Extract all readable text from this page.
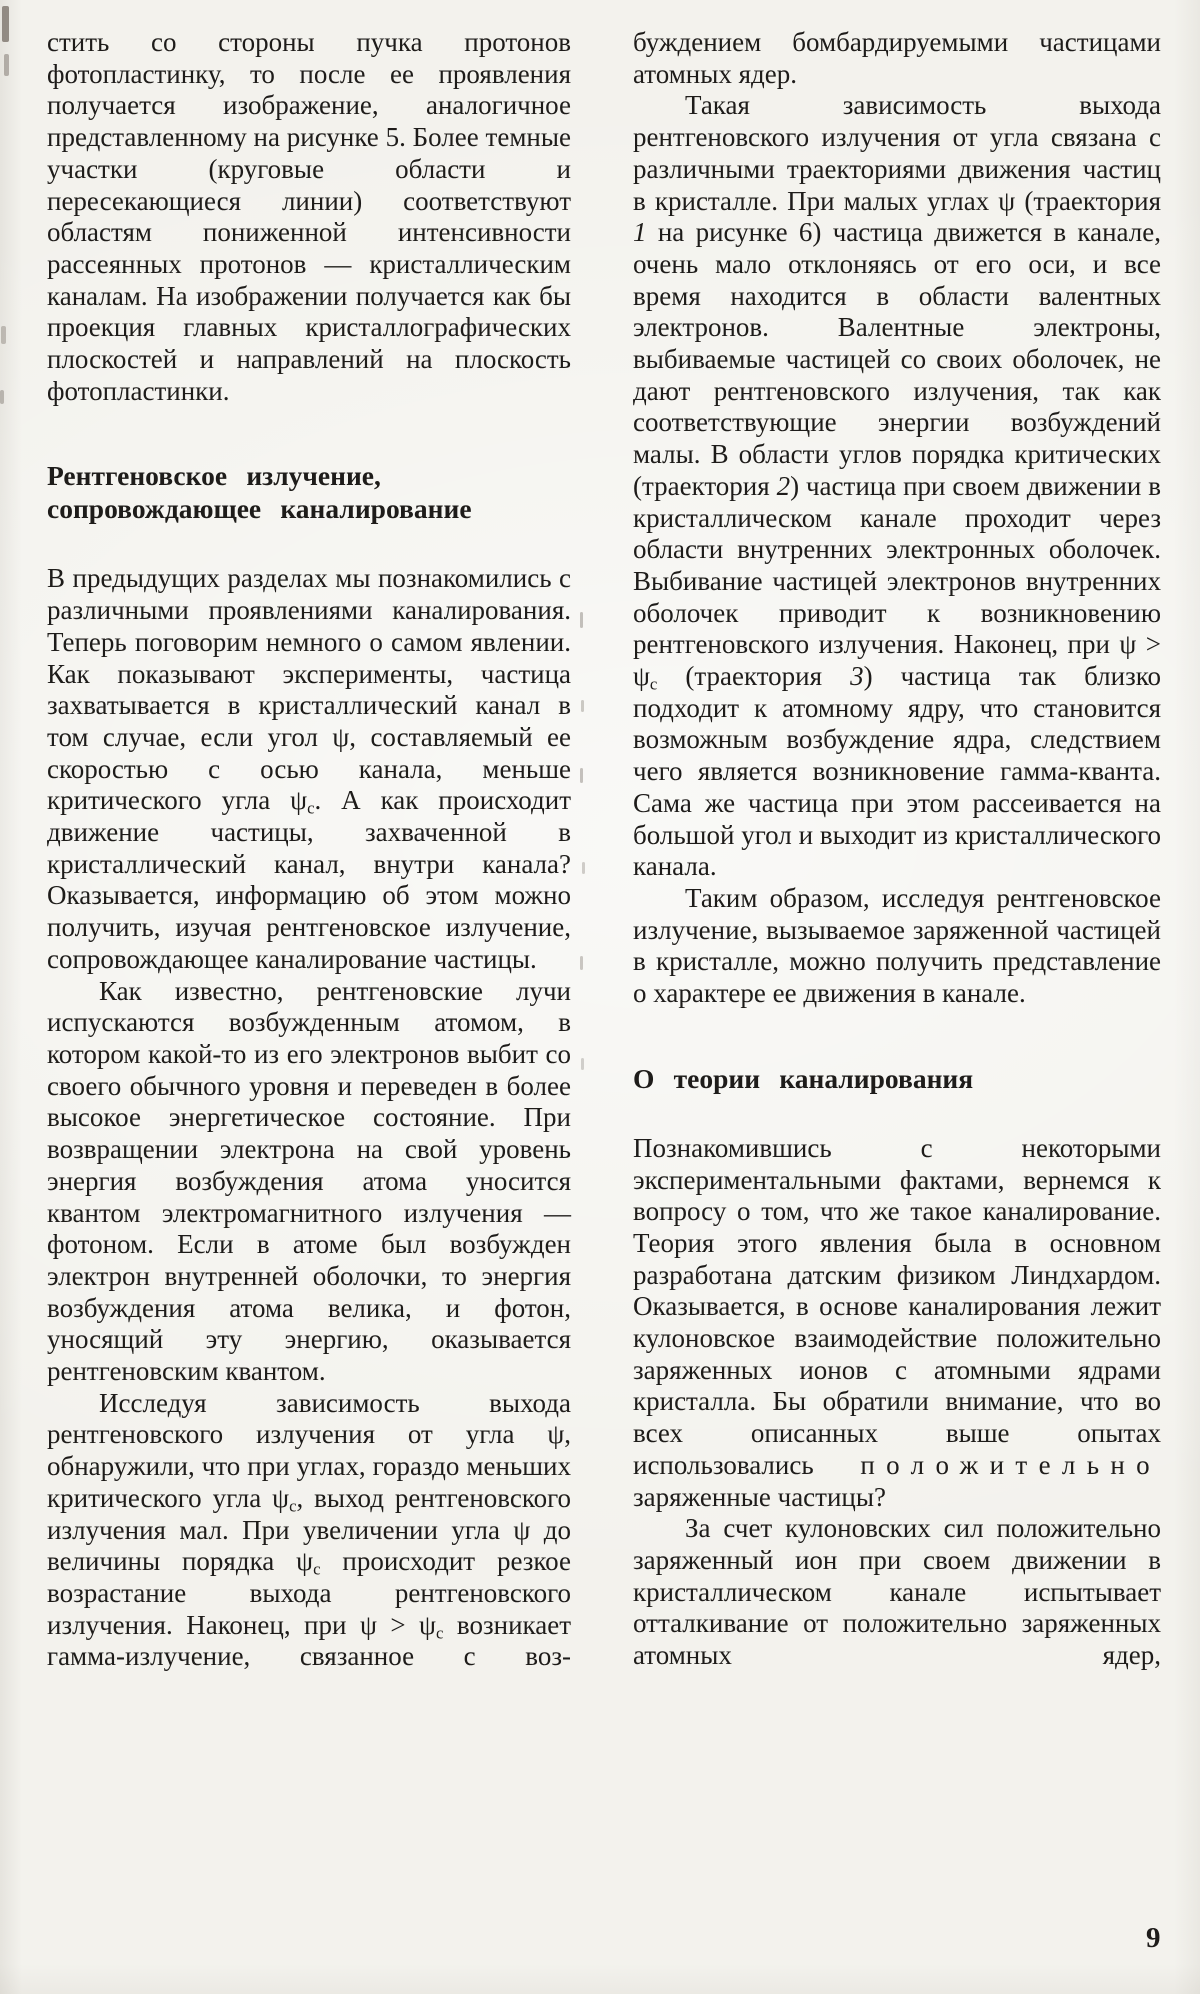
стить со стороны пучка протонов фотопластинку, то после ее проявления получается изображение, аналогичное представленному на рисунке 5. Более темные участки (круговые области и пересекающиеся линии) соответствуют областям пониженной интенсивности рассеянных протонов — кристаллическим каналам. На изображении получается как бы проекция главных кристаллографических плоскостей и направлений на плоскость фотопластинки.

Рентгеновское излучение,
сопровождающее каналирование

В предыдущих разделах мы познакомились с различными проявлениями каналирования. Теперь поговорим немного о самом явлении. Как показывают эксперименты, частица захватывается в кристаллический канал в том случае, если угол ψ, составляемый ее скоростью с осью канала, меньше критического угла $\psi_c$. А как происходит движение частицы, захваченной в кристаллический канал, внутри канала? Оказывается, информацию об этом можно получить, изучая рентгеновское излучение, сопровождающее каналирование частицы.

Как известно, рентгеновские лучи испускаются возбужденным атомом, в котором какой-то из его электронов выбит со своего обычного уровня и переведен в более высокое энергетическое состояние. При возвращении электрона на свой уровень энергия возбуждения атома уносится квантом электромагнитного излучения — фотоном. Если в атоме был возбужден электрон внутренней оболочки, то энергия возбуждения атома велика, и фотон, уносящий эту энергию, оказывается рентгеновским квантом.

Исследуя зависимость выхода рентгеновского излучения от угла ψ, обнаружили, что при углах, гораздо меньших критического угла $\psi_c$, выход рентгеновского излучения мал. При увеличении угла ψ до величины порядка $\psi_c$ происходит резкое возрастание выхода рентгеновского излучения. Наконец, при $\psi > \psi_c$ возникает гамма-излучение, связанное с воз-

буждением бомбардируемыми частицами атомных ядер.

Такая зависимость выхода рентгеновского излучения от угла связана с различными траекториями движения частиц в кристалле. При малых углах ψ (траектория 1 на рисунке 6) частица движется в канале, очень мало отклоняясь от его оси, и все время находится в области валентных электронов. Валентные электроны, выбиваемые частицей со своих оболочек, не дают рентгеновского излучения, так как соответствующие энергии возбуждений малы. В области углов порядка критических (траектория 2) частица при своем движении в кристаллическом канале проходит через области внутренних электронных оболочек. Выбивание частицей электронов внутренних оболочек приводит к возникновению рентгеновского излучения. Наконец, при $\psi > \psi_c$ (траектория 3) частица так близко подходит к атомному ядру, что становится возможным возбуждение ядра, следствием чего является возникновение гамма-кванта. Сама же частица при этом рассеивается на большой угол и выходит из кристаллического канала.

Таким образом, исследуя рентгеновское излучение, вызываемое заряженной частицей в кристалле, можно получить представление о характере ее движения в канале.

О теории каналирования

Познакомившись с некоторыми экспериментальными фактами, вернемся к вопросу о том, что же такое каналирование. Теория этого явления была в основном разработана датским физиком Линдхардом. Оказывается, в основе каналирования лежит кулоновское взаимодействие положительно заряженных ионов с атомными ядрами кристалла. Бы обратили внимание, что во всех описанных выше опытах использовались положительно заряженные частицы?

За счет кулоновских сил положительно заряженный ион при своем движении в кристаллическом канале испытывает отталкивание от положительно заряженных атомных ядер,

9
